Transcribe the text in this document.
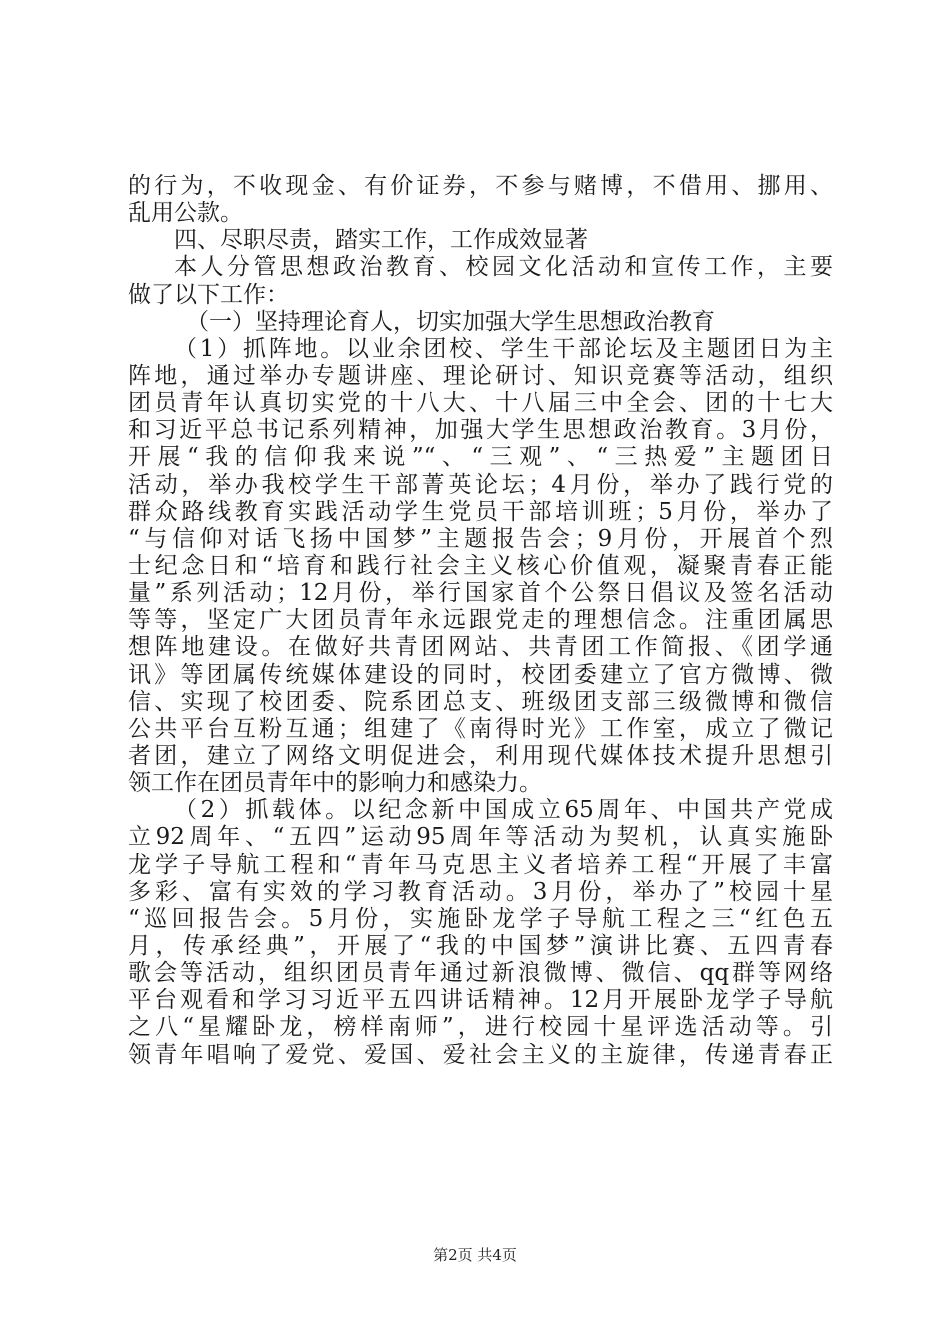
的行为，不收现金、有价证券，不参与赌博，不借用、挪用、
乱用公款。
四、尽职尽责，踏实工作，工作成效显著
本人分管思想政治教育、校园文化活动和宣传工作，主要
做了以下工作：
（一）坚持理论育人，切实加强大学生思想政治教育
（1）抓阵地。以业余团校、学生干部论坛及主题团日为主
阵地，通过举办专题讲座、理论研讨、知识竞赛等活动，组织
团员青年认真切实党的十八大、十八届三中全会、团的十七大
和习近平总书记系列精神，加强大学生思想政治教育。3月份，
开展“我的信仰我来说”“、“三观”、“三热爱”主题团日
活动，举办我校学生干部菁英论坛；4月份，举办了践行党的
群众路线教育实践活动学生党员干部培训班；5月份，举办了
“与信仰对话飞扬中国梦”主题报告会；9月份，开展首个烈
士纪念日和“培育和践行社会主义核心价值观，凝聚青春正能
量”系列活动；12月份，举行国家首个公祭日倡议及签名活动
等等，坚定广大团员青年永远跟党走的理想信念。注重团属思
想阵地建设。在做好共青团网站、共青团工作简报、《团学通
讯》等团属传统媒体建设的同时，校团委建立了官方微博、微
信、实现了校团委、院系团总支、班级团支部三级微博和微信
公共平台互粉互通；组建了《南得时光》工作室，成立了微记
者团，建立了网络文明促进会，利用现代媒体技术提升思想引
领工作在团员青年中的影响力和感染力。
（2）抓载体。以纪念新中国成立65周年、中国共产党成
立92周年、“五四”运动95周年等活动为契机，认真实施卧
龙学子导航工程和“青年马克思主义者培养工程“开展了丰富
多彩、富有实效的学习教育活动。3月份，举办了”校园十星
“巡回报告会。5月份，实施卧龙学子导航工程之三“红色五
月，传承经典”，开展了“我的中国梦”演讲比赛、五四青春
歌会等活动，组织团员青年通过新浪微博、微信、qq群等网络
平台观看和学习习近平五四讲话精神。12月开展卧龙学子导航
之八“星耀卧龙，榜样南师”，进行校园十星评选活动等。引
领青年唱响了爱党、爱国、爱社会主义的主旋律，传递青春正
第2页 共4页
